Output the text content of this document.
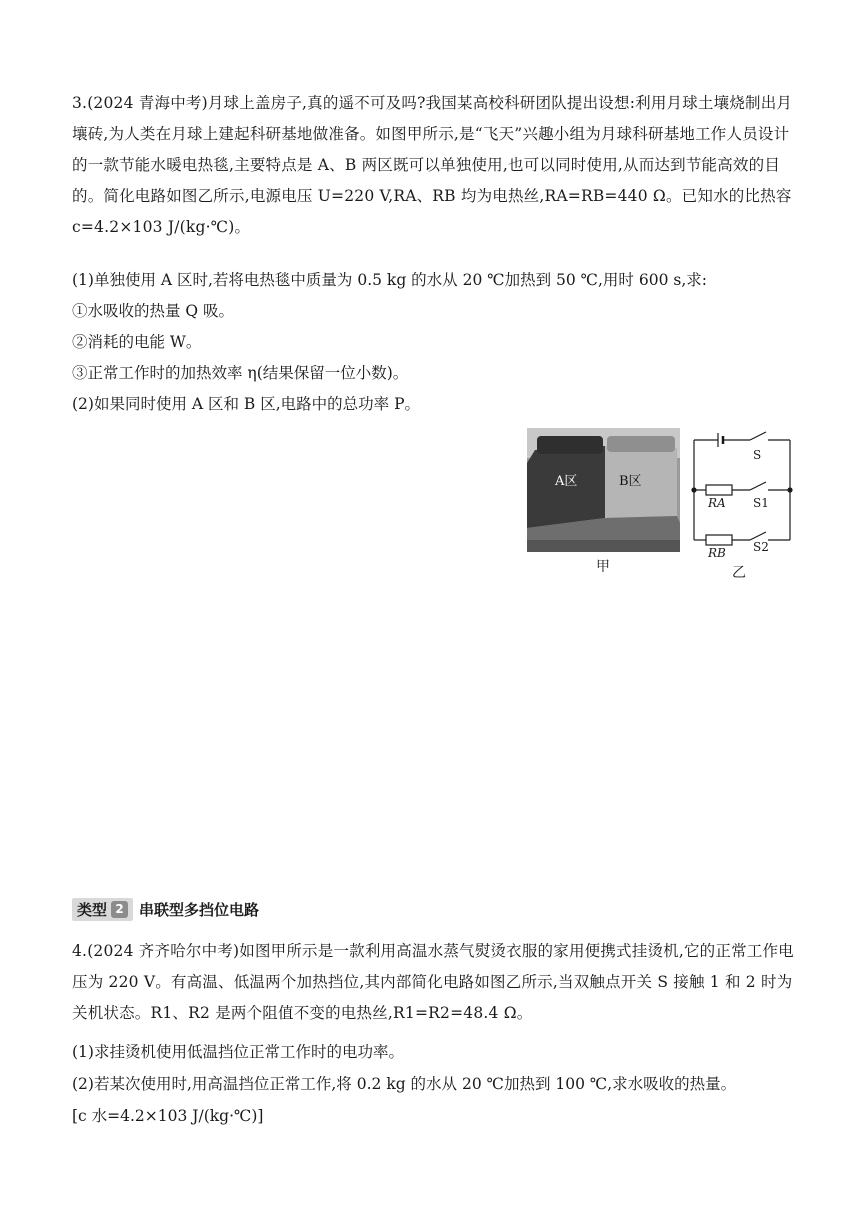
3.(2024 青海中考)月球上盖房子,真的遥不可及吗?我国某高校科研团队提出设想:利用月球土壤烧制出月壤砖,为人类在月球上建起科研基地做准备。如图甲所示,是“飞天”兴趣小组为月球科研基地工作人员设计的一款节能水暖电热毯,主要特点是 A、B 两区既可以单独使用,也可以同时使用,从而达到节能高效的目的。简化电路如图乙所示,电源电压 U=220 V,RA、RB 均为电热丝,RA=RB=440 Ω。已知水的比热容 c=4.2×103 J/(kg·℃)。

(1)单独使用 A 区时,若将电热毯中质量为 0.5 kg 的水从 20 ℃加热到 50 ℃,用时 600 s,求:
①水吸收的热量 Q 吸。
②消耗的电能 W。
③正常工作时的加热效率 η(结果保留一位小数)。
(2)如果同时使用 A 区和 B 区,电路中的总功率 P。
A区	B区
甲
S
RA S1
RB S2
乙
类型 2 串联型多挡位电路

4.(2024 齐齐哈尔中考)如图甲所示是一款利用高温水蒸气熨烫衣服的家用便携式挂烫机,它的正常工作电压为 220 V。有高温、低温两个加热挡位,其内部简化电路如图乙所示,当双触点开关 S 接触 1 和 2 时为关机状态。R1、R2 是两个阻值不变的电热丝,R1=R2=48.4 Ω。

(1)求挂烫机使用低温挡位正常工作时的电功率。
(2)若某次使用时,用高温挡位正常工作,将 0.2 kg 的水从 20 ℃加热到 100 ℃,求水吸收的热量。
[c 水=4.2×103 J/(kg·℃)]
